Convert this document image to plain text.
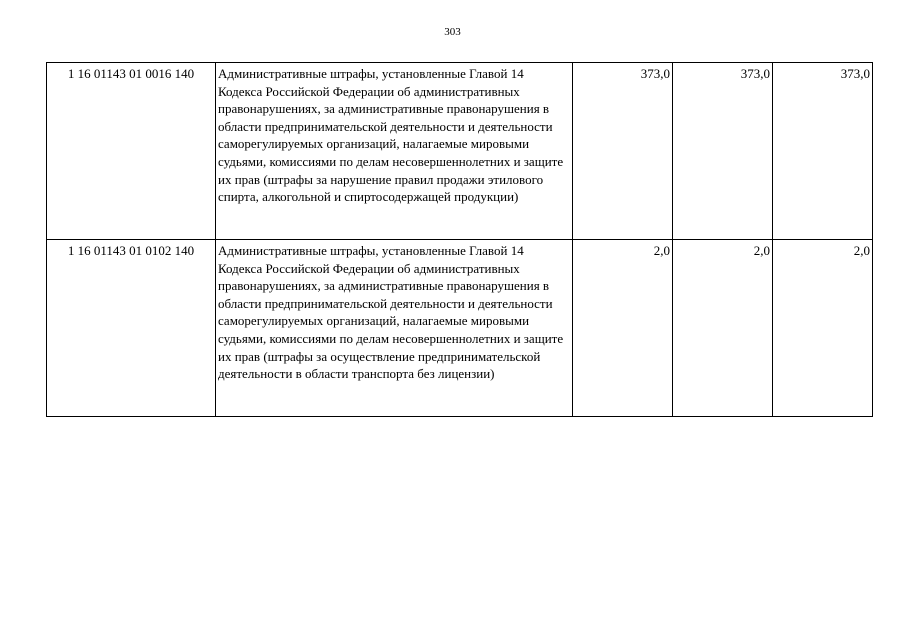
303
1 16 01143 01 0016 140	Административные штрафы, установленные Главой 14 Кодекса Российской Федерации об административных правонарушениях, за административные правонарушения в области предпринимательской деятельности и деятельности саморегулируемых организаций, налагаемые мировыми судьями, комиссиями по делам несовершеннолетних и защите их прав (штрафы за нарушение правил продажи этилового спирта, алкогольной и спиртосодержащей продукции)	373,0	373,0	373,0
1 16 01143 01 0102 140	Административные штрафы, установленные Главой 14 Кодекса Российской Федерации об административных правонарушениях, за административные правонарушения в области предпринимательской деятельности и деятельности саморегулируемых организаций, налагаемые мировыми судьями, комиссиями по делам несовершеннолетних и защите их прав (штрафы за осуществление предпринимательской деятельности в области транспорта без лицензии)	2,0	2,0	2,0
